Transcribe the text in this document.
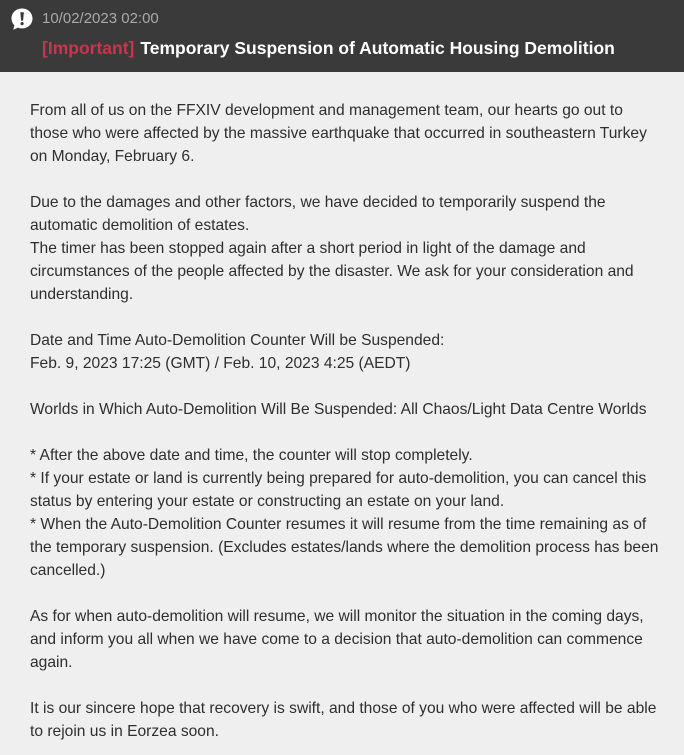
10/02/2023 02:00
[Important] Temporary Suspension of Automatic Housing Demolition

From all of us on the FFXIV development and management team, our hearts go out to those who were affected by the massive earthquake that occurred in southeastern Turkey on Monday, February 6.

Due to the damages and other factors, we have decided to temporarily suspend the automatic demolition of estates.
The timer has been stopped again after a short period in light of the damage and circumstances of the people affected by the disaster. We ask for your consideration and understanding.

Date and Time Auto-Demolition Counter Will be Suspended:
Feb. 9, 2023 17:25 (GMT) / Feb. 10, 2023 4:25 (AEDT)

Worlds in Which Auto-Demolition Will Be Suspended: All Chaos/Light Data Centre Worlds

* After the above date and time, the counter will stop completely.
* If your estate or land is currently being prepared for auto-demolition, you can cancel this status by entering your estate or constructing an estate on your land.
* When the Auto-Demolition Counter resumes it will resume from the time remaining as of the temporary suspension. (Excludes estates/lands where the demolition process has been cancelled.)

As for when auto-demolition will resume, we will monitor the situation in the coming days, and inform you all when we have come to a decision that auto-demolition can commence again.

It is our sincere hope that recovery is swift, and those of you who were affected will be able to rejoin us in Eorzea soon.
